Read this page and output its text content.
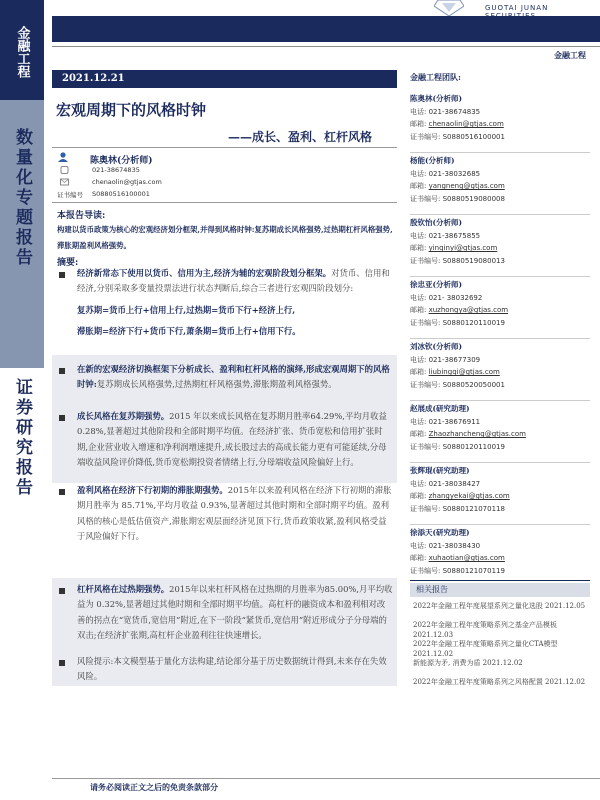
金融工程
数量化专题报告
证券研究报告
GUOTAI JUNAN SECURITIES
金融工程
2021.12.21
宏观周期下的风格时钟
——成长、盈利、杠杆风格
陈奥林(分析师)
021-38674835
chenaolin@gtjas.com
证书编号 S0880516100001
本报告导读:
构建以货币政策为核心的宏观经济划分框架,并得到风格时钟:复苏期成长风格强势,过热期杠杆风格强势,滞胀期盈利风格强势。
摘要:
经济新常态下使用以货币、信用为主,经济为辅的宏观阶段划分框架。对货币、信用和经济,分别采取多变量投票法进行状态判断后,综合三者进行宏观四阶段划分:
复苏期=货币上行+信用上行,过热期=货币下行+经济上行,
滞胀期=经济下行+货币下行,萧条期=货币上行+信用下行。
在新的宏观经济切换框架下分析成长、盈利和杠杆风格的演绎,形成宏观周期下的风格时钟:复苏期成长风格强势,过热期杠杆风格强势,滞胀期盈利风格强势。
成长风格在复苏期强势。2015 年以来成长风格在复苏期月胜率64.29%,平均月收益 0.28%,显著超过其他阶段和全部时期平均值。在经济扩张、货币宽松和信用扩张时期,企业营业收入增速和净利润增速提升,成长股过去的高成长能力更有可能延续,分母端收益风险评价降低,货币宽松期投资者情绪上行,分母端收益风险偏好上行。
盈利风格在经济下行初期的滞胀期强势。2015年以来盈利风格在经济下行初期的滞胀期月胜率为 85.71%,平均月收益 0.93%,显著超过其他时期和全部时期平均值。盈利风格的核心是低估值资产,滞胀期宏观层面经济见顶下行,货币政策收紧,盈利风格受益于风险偏好下行。
杠杆风格在过热期强势。2015年以来杠杆风格在过热期的月胜率为85.00%,月平均收益为 0.32%,显著超过其他时期和全部时期平均值。高杠杆的融资成本和盈利相对改善的拐点在“宽货币,宽信用”附近,在下一阶段“紧货币,宽信用”附近形成分子分母端的双击;在经济扩张期,高杠杆企业盈利往往快速增长。
风险提示:本文模型基于量化方法构建,结论部分基于历史数据统计得到,未来存在失效风险。
金融工程团队:
陈奥林(分析师)
电话: 021-38674835
邮箱: chenaolin@gtjas.com
证书编号: S0880516100001
杨能(分析师)
电话: 021-38032685
邮箱: yangneng@gtjas.com
证书编号: S0880519080008
殷钦怡(分析师)
电话: 021-38675855
邮箱: yinqinyi@gtjas.com
证书编号: S0880519080013
徐忠亚(分析师)
电话: 021- 38032692
邮箱: xuzhongya@gtjas.com
证书编号: S0880120110019
刘冰钦(分析师)
电话: 021-38677309
邮箱: liubingqi@gtjas.com
证书编号: S0880520050001
赵展成(研究助理)
电话: 021-38676911
邮箱: Zhaozhancheng@gtjas.com
证书编号: S0880120110019
张辉琨(研究助理)
电话: 021-38038427
邮箱: zhangyekai@gtjas.com
证书编号: S0880121070118
徐添天(研究助理)
电话: 021-38038430
邮箱: xuhaotian@gtjas.com
证书编号: S0880121070119
相关报告
2022年金融工程年度展望系列之量化选股 2021.12.05
2022年金融工程年度策略系列之基金产品模板 2021.12.03
2022年金融工程年度策略系列之量化CTA模型 2021.12.02
新能源为矛, 消费为盾 2021.12.02
2022年金融工程年度策略系列之风格配置 2021.12.02
请务必阅读正文之后的免责条款部分
